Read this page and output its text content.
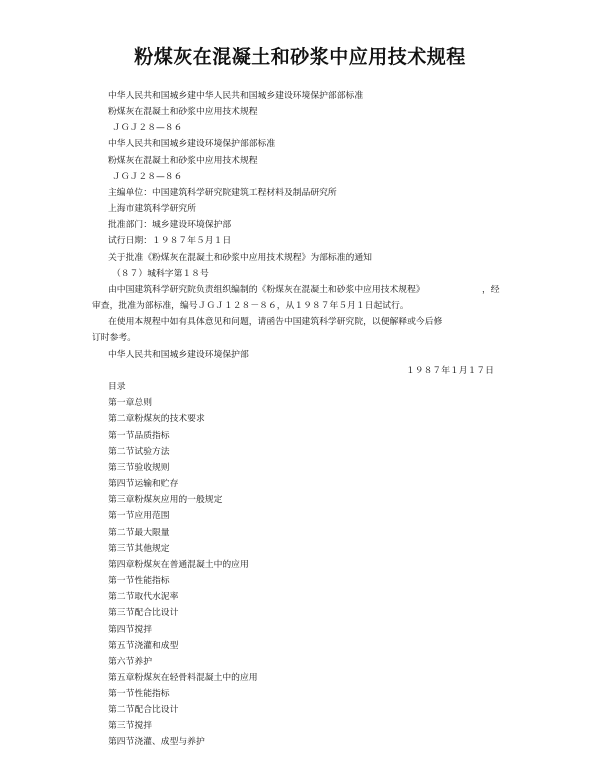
粉煤灰在混凝土和砂浆中应用技术规程
中华人民共和国城乡建中华人民共和国城乡建设环境保护部部标准
粉煤灰在混凝土和砂浆中应用技术规程
ＪＧＪ２８—８６
中华人民共和国城乡建设环境保护部部标准
粉煤灰在混凝土和砂浆中应用技术规程
ＪＧＪ２８—８６
主编单位：中国建筑科学研究院建筑工程材料及制品研究所
上海市建筑科学研究所
批准部门：城乡建设环境保护部
试行日期：１９８７年５月１日
关于批准《粉煤灰在混凝土和砂浆中应用技术规程》为部标准的通知
（８７）城科字第１８号
由中国建筑科学研究院负责组织编制的《粉煤灰在混凝土和砂浆中应用技术规程》	，经
审查，批准为部标准，编号ＪＧＪ１２８－８６，从１９８７年５月１日起试行。
在使用本规程中如有具体意见和问题，请函告中国建筑科学研究院，以便解释或今后修
订时参考。
中华人民共和国城乡建设环境保护部
１９８７年１月１７日
目录
第一章总则
第二章粉煤灰的技术要求
第一节品质指标
第二节试验方法
第三节验收规则
第四节运输和贮存
第三章粉煤灰应用的一般规定
第一节应用范围
第二节最大限量
第三节其他规定
第四章粉煤灰在普通混凝土中的应用
第一节性能指标
第二节取代水泥率
第三节配合比设计
第四节搅拌
第五节浇灌和成型
第六节养护
第五章粉煤灰在轻骨料混凝土中的应用
第一节性能指标
第二节配合比设计
第三节搅拌
第四节浇灌、成型与养护
